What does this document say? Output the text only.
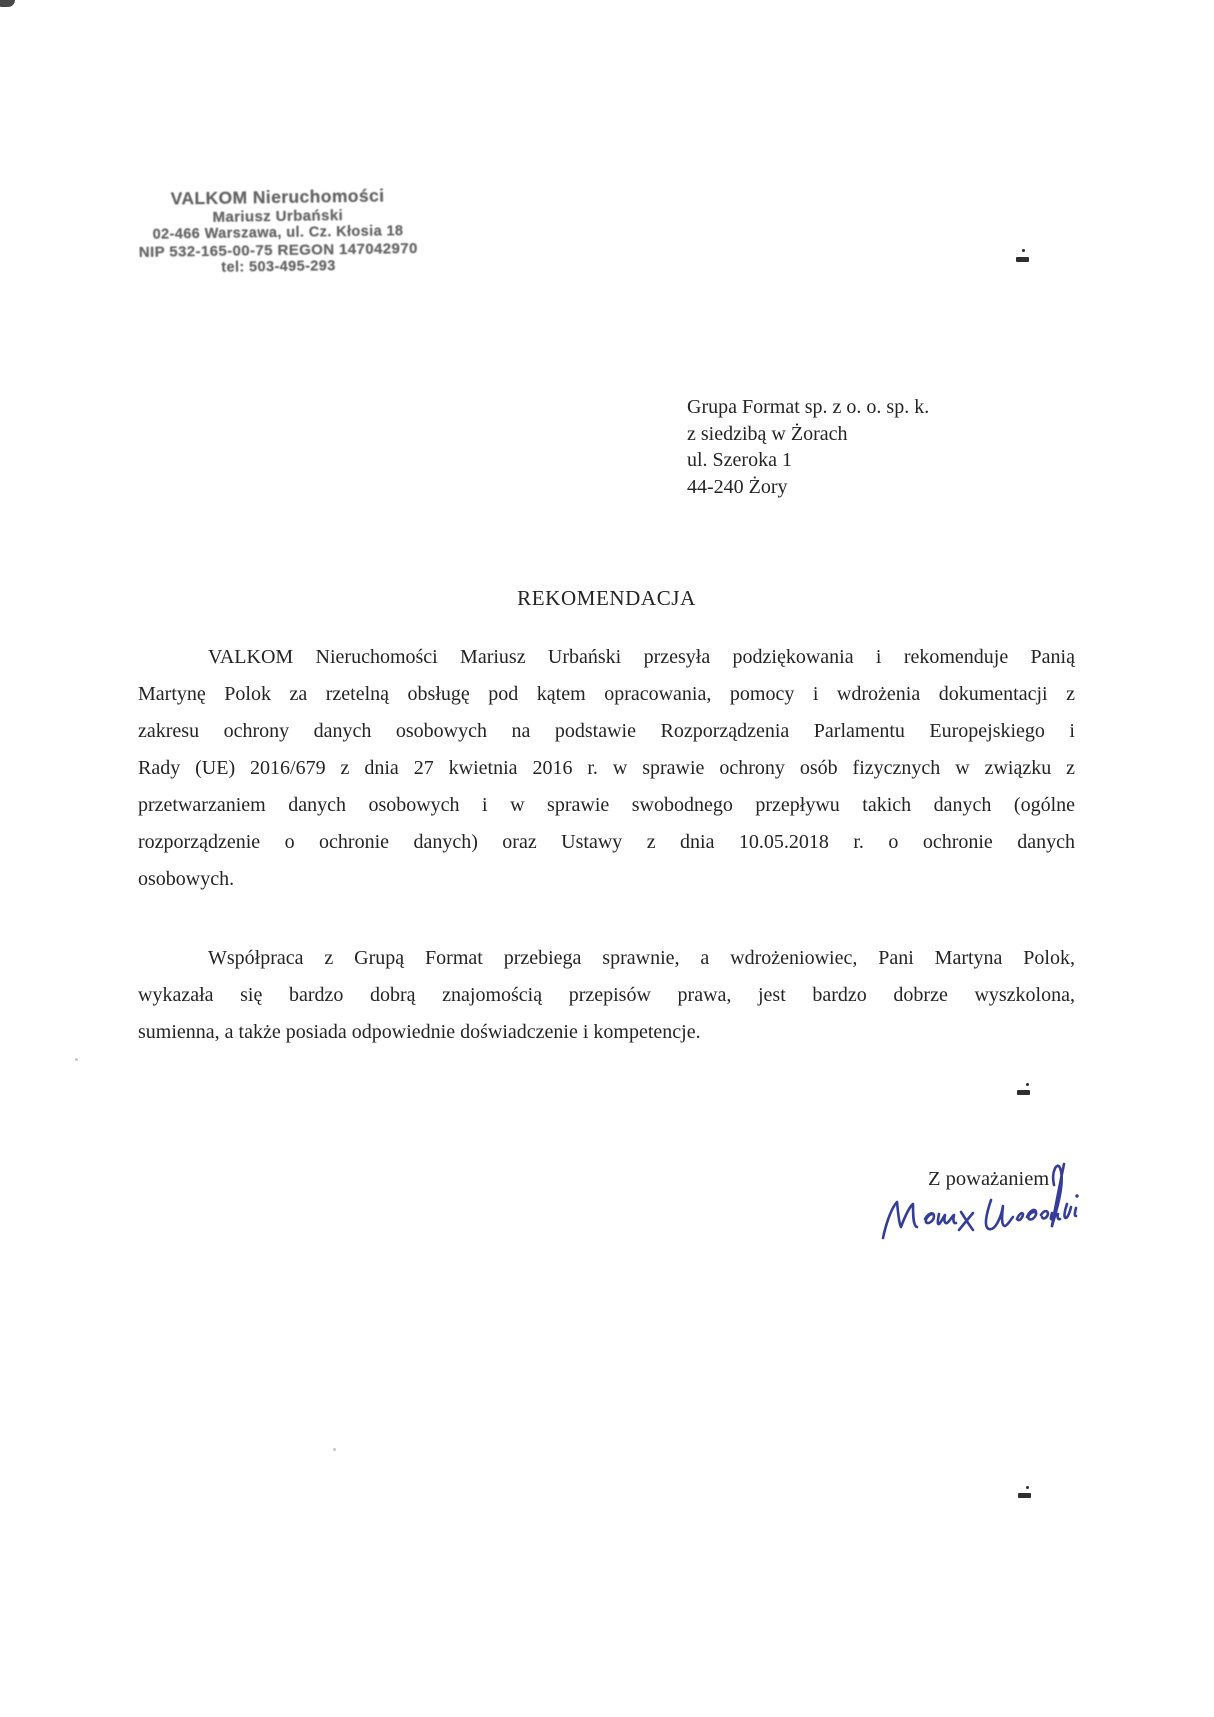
VALKOM Nieruchomości
Mariusz Urbański
02-466 Warszawa, ul. Cz. Kłosia 18
NIP 532-165-00-75 REGON 147042970
tel: 503-495-293
Grupa Format sp. z o. o. sp. k.
z siedzibą w Żorach
ul. Szeroka 1
44-240 Żory
REKOMENDACJA
VALKOM Nieruchomości Mariusz Urbański przesyła podziękowania i rekomenduje Panią
Martynę Polok za rzetelną obsługę pod kątem opracowania, pomocy i wdrożenia dokumentacji z
zakresu ochrony danych osobowych na podstawie Rozporządzenia Parlamentu Europejskiego i
Rady (UE) 2016/679 z dnia 27 kwietnia 2016 r. w sprawie ochrony osób fizycznych w związku z
przetwarzaniem danych osobowych i w sprawie swobodnego przepływu takich danych (ogólne
rozporządzenie o ochronie danych) oraz Ustawy z dnia 10.05.2018 r. o ochronie danych
osobowych.
Współpraca z Grupą Format przebiega sprawnie, a wdrożeniowiec, Pani Martyna Polok,
wykazała się bardzo dobrą znajomością przepisów prawa, jest bardzo dobrze wyszkolona,
sumienna, a także posiada odpowiednie doświadczenie i kompetencje.
Z poważaniem
